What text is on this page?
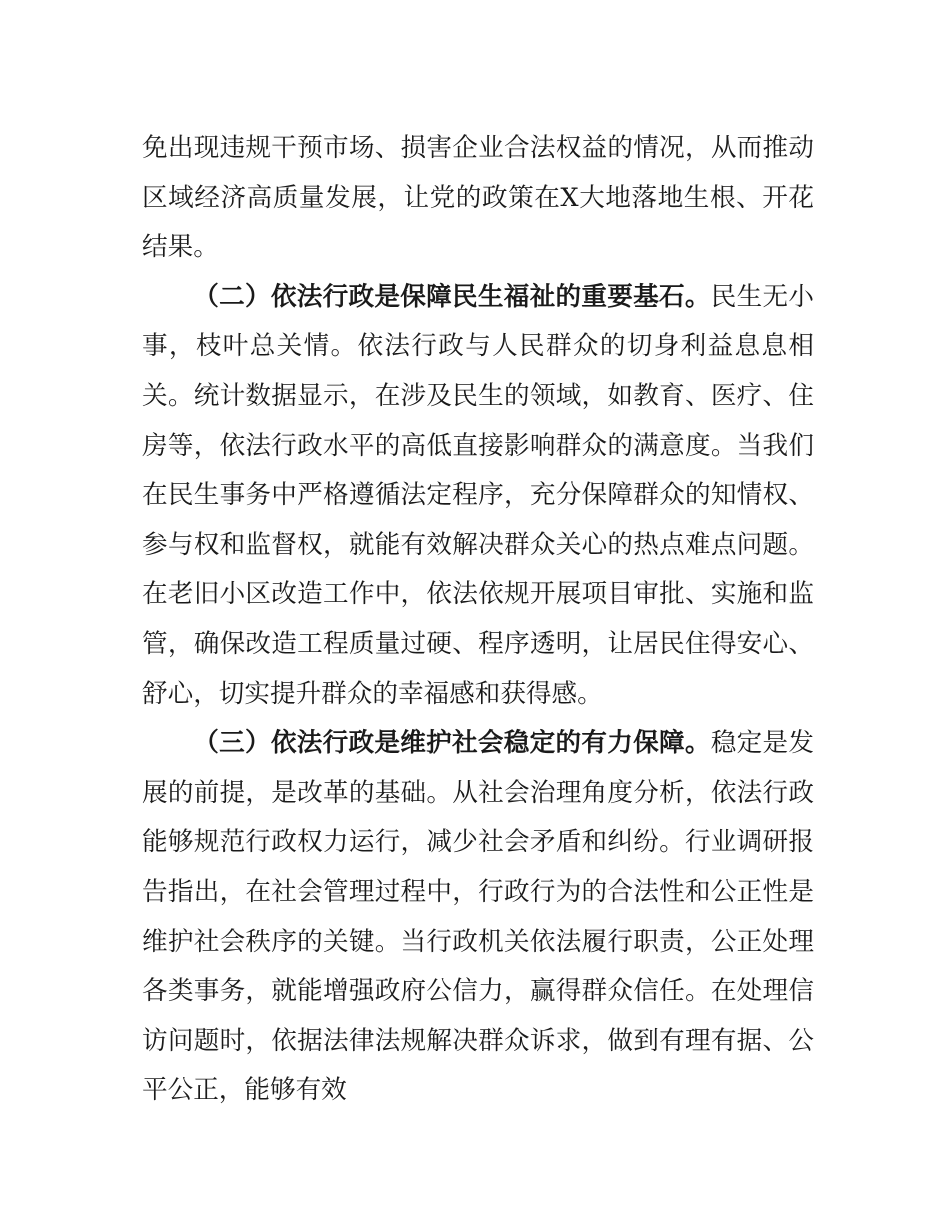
免出现违规干预市场、损害企业合法权益的情况，从而推动区域经济高质量发展，让党的政策在X大地落地生根、开花结果。

（二）依法行政是保障民生福祉的重要基石。民生无小事，枝叶总关情。依法行政与人民群众的切身利益息息相关。统计数据显示，在涉及民生的领域，如教育、医疗、住房等，依法行政水平的高低直接影响群众的满意度。当我们在民生事务中严格遵循法定程序，充分保障群众的知情权、参与权和监督权，就能有效解决群众关心的热点难点问题。在老旧小区改造工作中，依法依规开展项目审批、实施和监管，确保改造工程质量过硬、程序透明，让居民住得安心、舒心，切实提升群众的幸福感和获得感。

（三）依法行政是维护社会稳定的有力保障。稳定是发展的前提，是改革的基础。从社会治理角度分析，依法行政能够规范行政权力运行，减少社会矛盾和纠纷。行业调研报告指出，在社会管理过程中，行政行为的合法性和公正性是维护社会秩序的关键。当行政机关依法履行职责，公正处理各类事务，就能增强政府公信力，赢得群众信任。在处理信访问题时，依据法律法规解决群众诉求，做到有理有据、公平公正，能够有效
